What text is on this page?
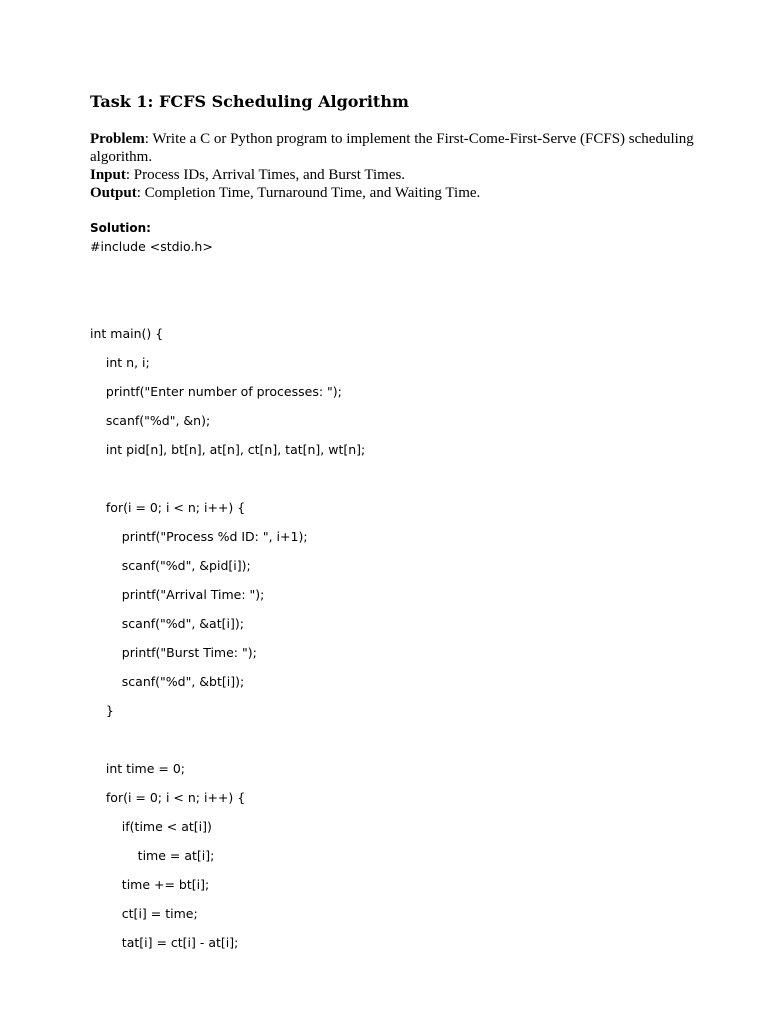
Task 1: FCFS Scheduling Algorithm

Problem: Write a C or Python program to implement the First-Come-First-Serve (FCFS) scheduling algorithm.

Input: Process IDs, Arrival Times, and Burst Times.

Output: Completion Time, Turnaround Time, and Waiting Time.

Solution:
#include <stdio.h>
int main() {
int n, i;
printf("Enter number of processes: ");
scanf("%d", &n);
int pid[n], bt[n], at[n], ct[n], tat[n], wt[n];
for(i = 0; i < n; i++) {
printf("Process %d ID: ", i+1);
scanf("%d", &pid[i]);
printf("Arrival Time: ");
scanf("%d", &at[i]);
printf("Burst Time: ");
scanf("%d", &bt[i]);
}
int time = 0;
for(i = 0; i < n; i++) {
if(time < at[i])
time = at[i];
time += bt[i];
ct[i] = time;
tat[i] = ct[i] - at[i];
